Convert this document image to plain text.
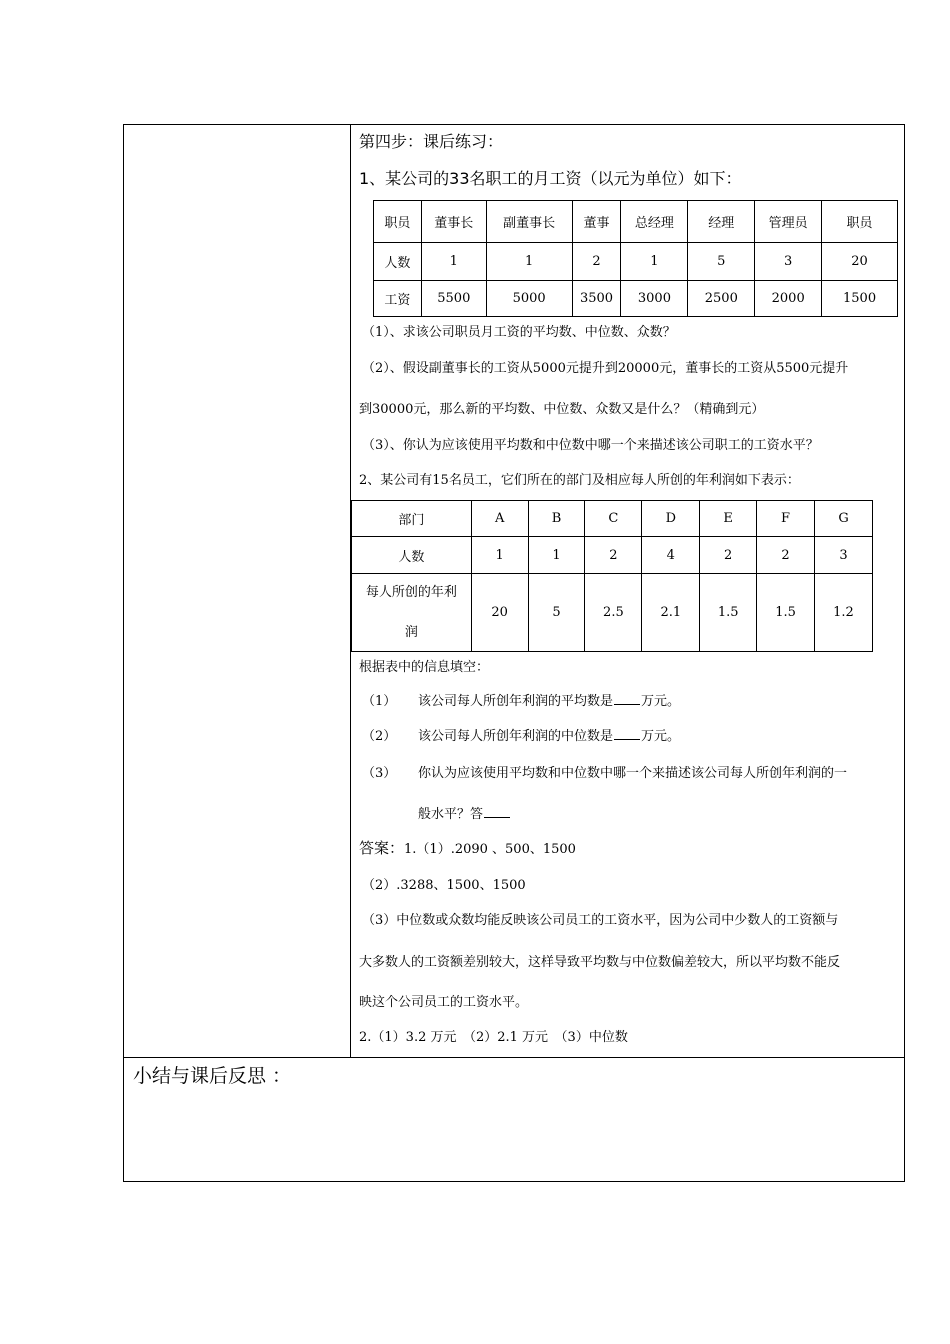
第四步：课后练习：
1、某公司的33名职工的月工资（以元为单位）如下：
职员	董事长	副董事长	董事	总经理	经理	管理员	职员
人数	1	1	2	1	5	3	20
工资	5500	5000	3500	3000	2500	2000	1500
（1）、求该公司职员月工资的平均数、中位数、众数？
（2）、假设副董事长的工资从5000元提升到20000元，董事长的工资从5500元提升
到30000元，那么新的平均数、中位数、众数又是什么？（精确到元）
（3）、你认为应该使用平均数和中位数中哪一个来描述该公司职工的工资水平？
2、某公司有15名员工，它们所在的部门及相应每人所创的年利润如下表示：
部门	A	B	C	D	E	F	G
人数	1	1	2	4	2	2	3

每人所创的年利
润	20	5	2.5	2.1	1.5	1.5	1.2
根据表中的信息填空：
（1） 该公司每人所创年利润的平均数是 万元。
（2） 该公司每人所创年利润的中位数是 万元。
（3） 你认为应该使用平均数和中位数中哪一个来描述该公司每人所创年利润的一
般水平？答
答案：1.（1）.2090 、500、1500
（2）.3288、1500、1500
（3）中位数或众数均能反映该公司员工的工资水平，因为公司中少数人的工资额与
大多数人的工资额差别较大，这样导致平均数与中位数偏差较大，所以平均数不能反
映这个公司员工的工资水平。
2.（1）3.2 万元　（2）2.1 万元　（3）中位数
小结与课后反思 ：
